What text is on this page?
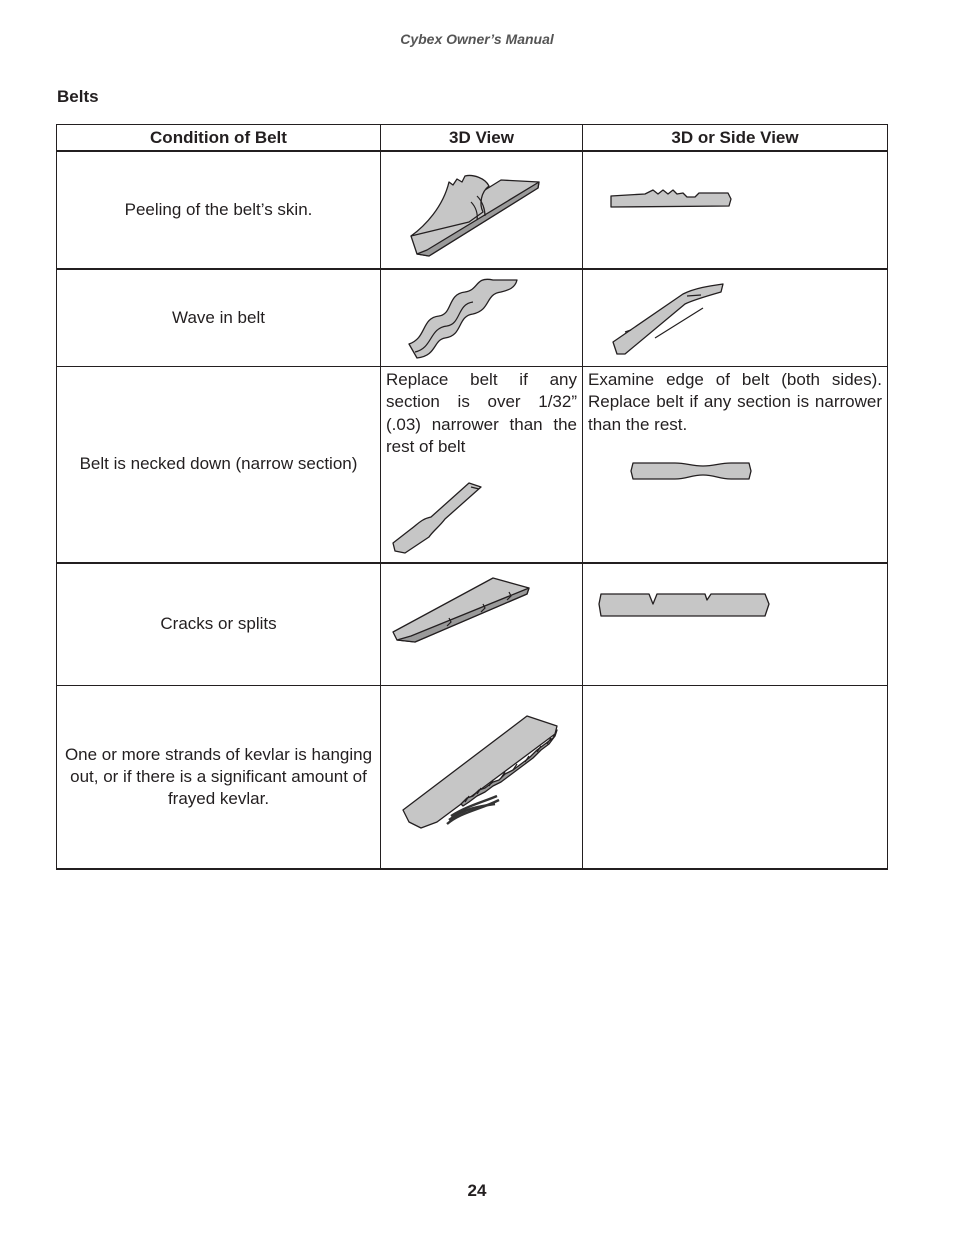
Cybex Owner’s Manual
Belts
Condition of Belt	3D View	3D or Side View
Peeling of the belt’s skin.	

Wave in belt	

Belt is necked down (narrow section)	Replace belt if any section is over 1/32” (.03) narrower than the rest of belt	Examine edge of belt (both sides). Replace belt if any section is narrower than the rest.

Cracks or splits	

One or more strands of kevlar is hanging out, or if there is a significant amount of frayed kevlar.	

24
